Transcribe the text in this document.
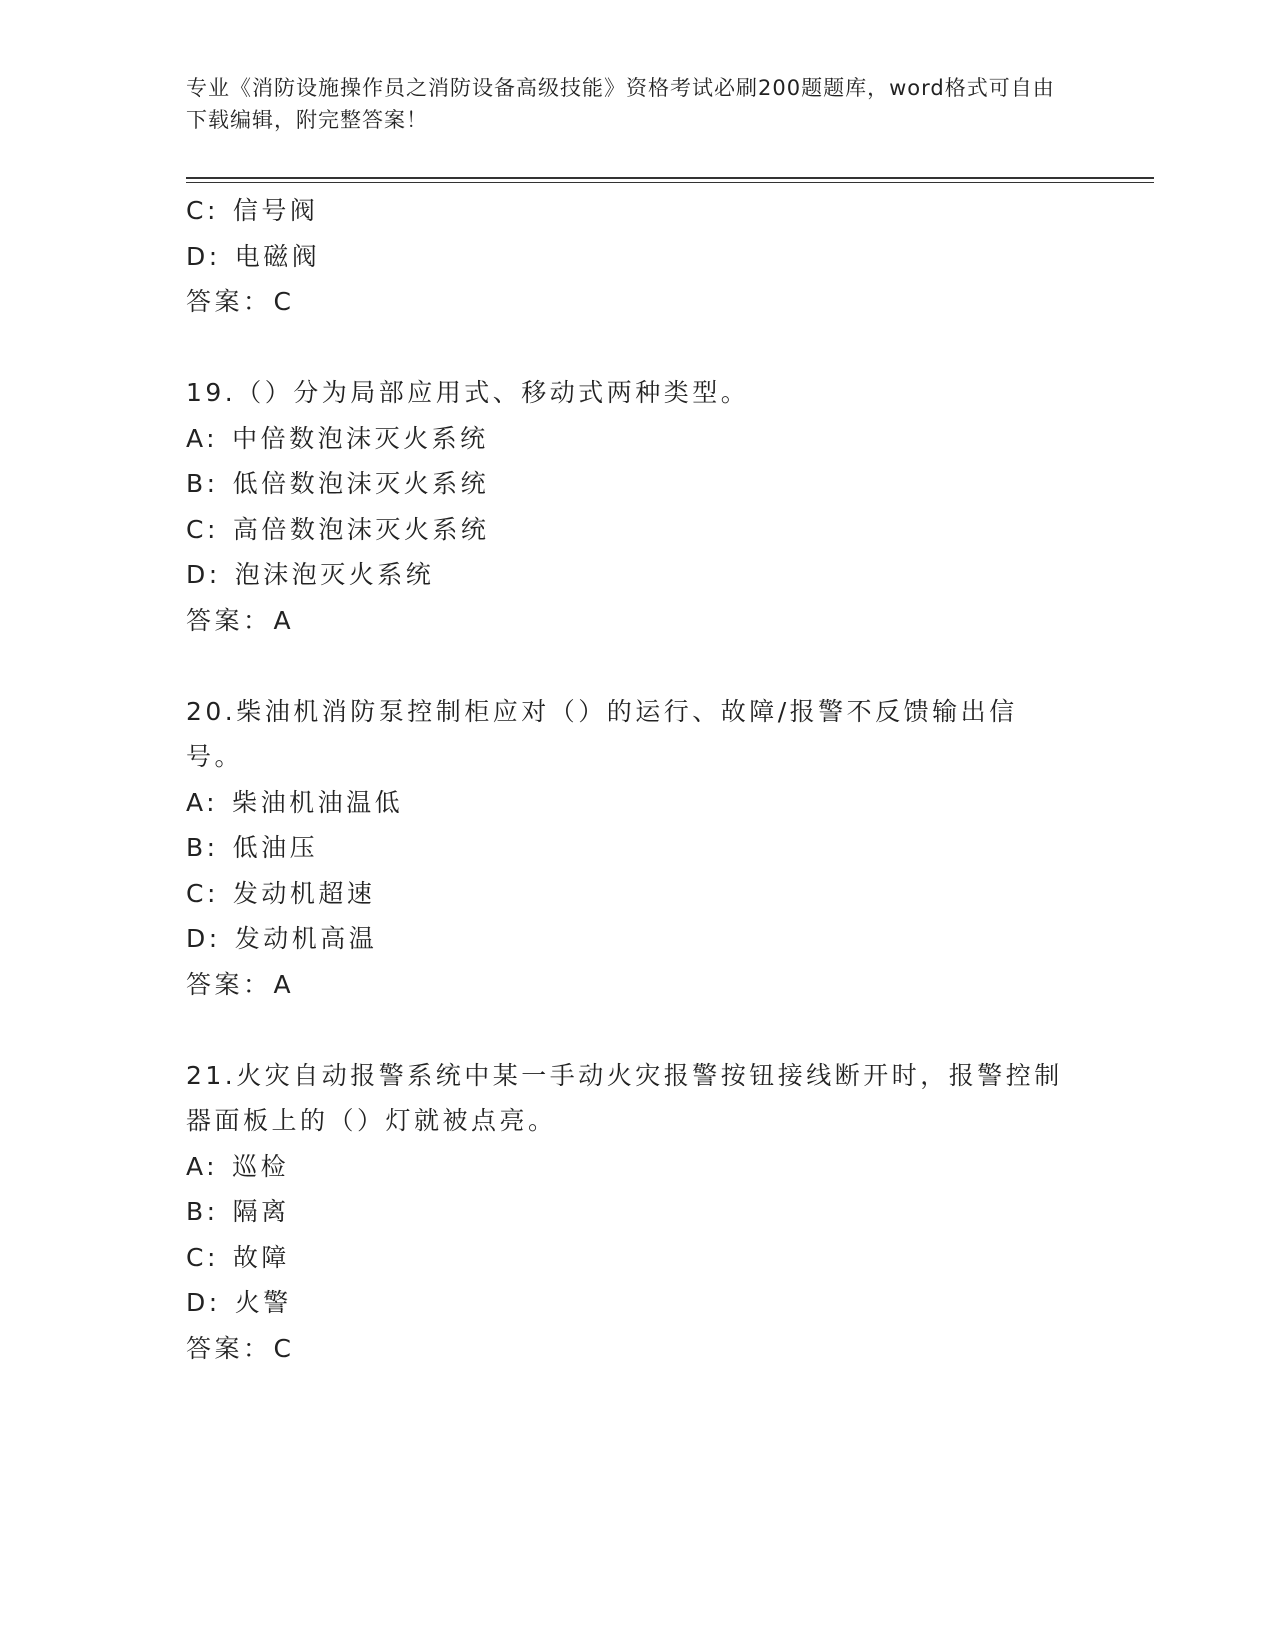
专业《消防设施操作员之消防设备高级技能》资格考试必刷200题题库，word格式可自由下载编辑，附完整答案！
C: 信号阀
D: 电磁阀
答案：C
19.（）分为局部应用式、移动式两种类型。
A: 中倍数泡沫灭火系统
B: 低倍数泡沫灭火系统
C: 高倍数泡沫灭火系统
D: 泡沫泡灭火系统
答案：A
20.柴油机消防泵控制柜应对（）的运行、故障/报警不反馈输出信号。
A: 柴油机油温低
B: 低油压
C: 发动机超速
D: 发动机高温
答案：A
21.火灾自动报警系统中某一手动火灾报警按钮接线断开时，报警控制器面板上的（）灯就被点亮。
A: 巡检
B: 隔离
C: 故障
D: 火警
答案：C
